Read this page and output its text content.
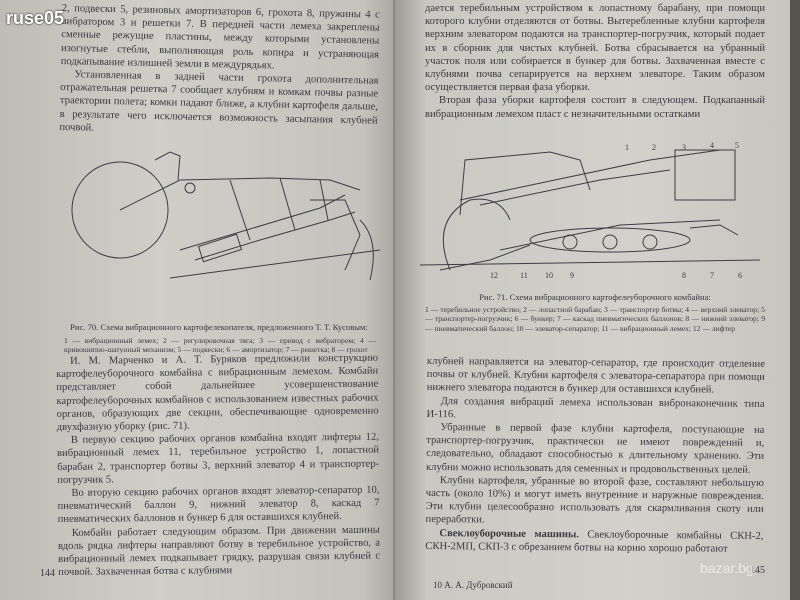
2, подвески 5, резиновых амортизаторов 6, грохота 8, пружины 4 с вибратором 3 и решетки 7. В передней части лемеха закреплены сменные режущие пластины, между которыми установлены изогнутые стебли, выполняющая роль копира и устраняющая подкапывание излишней земли в междурядьях.

Установленная в задней части грохота дополнительная отражательная решетка 7 сообщает клубням и комкам почвы разные траектории полета; комки падают ближе, а клубни картофеля дальше, в результате чего исключается возможность засыпания клубней почвой.

Рис. 70. Схема вибрационного картофелекопателя, предложенного Т. Т. Кусовым:
1 — вибрационный лемех; 2 — регулировочная тяга; 3 — привод с вибратором; 4 — кривошипно-шатунный механизм; 5 — подвески; 6 — амортизатор; 7 — решетка; 8 — грохот

И. М. Марченко и А. Т. Буряков предложили конструкцию картофелеуборочного комбайна с вибрационным лемехом. Комбайн представляет собой дальнейшее усовершенствование картофелеуборочных комбайнов с использованием известных рабочих органов, образующих две секции, обеспечивающие одновременно двухфазную уборку (рис. 71).

В первую секцию рабочих органов комбайна входят лифтеры 12, вибрационный лемех 11, теребильное устройство 1, лопастной барабан 2, транспортер ботвы 3, верхний элеватор 4 и транспортер-погрузчик 5.

Во вторую секцию рабочих органов входят элеватор-сепаратор 10, пневматический баллон 9, нижний элеватор 8, каскад 7 пневматических баллонов и бункер 6 для оставшихся клубней.

Комбайн работает следующим образом. При движении машины вдоль рядка лифтеры направляют ботву в теребильное устройство, а вибрационный лемех подкапывает грядку, разрушая связи клубней с почвой. Захваченная ботва с клубнями

144

дается теребильным устройством к лопастному барабану, при помощи которого клубни отделяются от ботвы. Вытеребленные клубни картофеля верхним элеватором подаются на транспортер-погрузчик, который подает их в сборник для чистых клубней. Ботва сбрасывается на убранный участок поля или собирается в бункер для ботвы. Захваченная вместе с клубнями почва сепарируется на верхнем элеваторе. Таким образом осуществляется первая фаза уборки.

Вторая фаза уборки картофеля состоит в следующем. Подкапанный вибрационным лемехом пласт с незначительными остатками

1	2	3	4	5
6
7
8
9
10
11
12
Рис. 71. Схема вибрационного картофелеуборочного комбайна:
1 — теребильное устройство; 2 — лопастной барабан; 3 — транспортер ботвы; 4 — верхний элеватор; 5 — транспортер-погрузчик; 6 — бункер; 7 — каскад пневматических баллонов; 8 — нижний элеватор; 9 — пневматический баллон; 10 — элеватор-сепаратор; 11 — вибрационный лемех; 12 — лифтер

клубней направляется на элеватор-сепаратор, где происходит отделение почвы от клубней. Клубни картофеля с элеватора-сепаратора при помощи нижнего элеватора подаются в бункер для оставшихся клубней.

Для создания вибраций лемеха использован вибронаконечник типа И-116.

Убранные в первой фазе клубни картофеля, поступающие на транспортер-погрузчик, практически не имеют повреждений и, следовательно, обладают способностью к длительному хранению. Эти клубни можно использовать для семенных и продовольственных целей.

Клубни картофеля, убранные во второй фазе, составляют небольшую часть (около 10%) и могут иметь внутренние и наружные повреждения. Эти клубни целесообразно использовать для скармливания скоту или переработки.

Свеклоуборочные машины. Свеклоуборочные комбайны СКН-2, СКН-2МП, СКП-3 с обрезанием ботвы на корню хорошо работают

10 А. А. Дубровский
145
ruse05
bazar.bg
